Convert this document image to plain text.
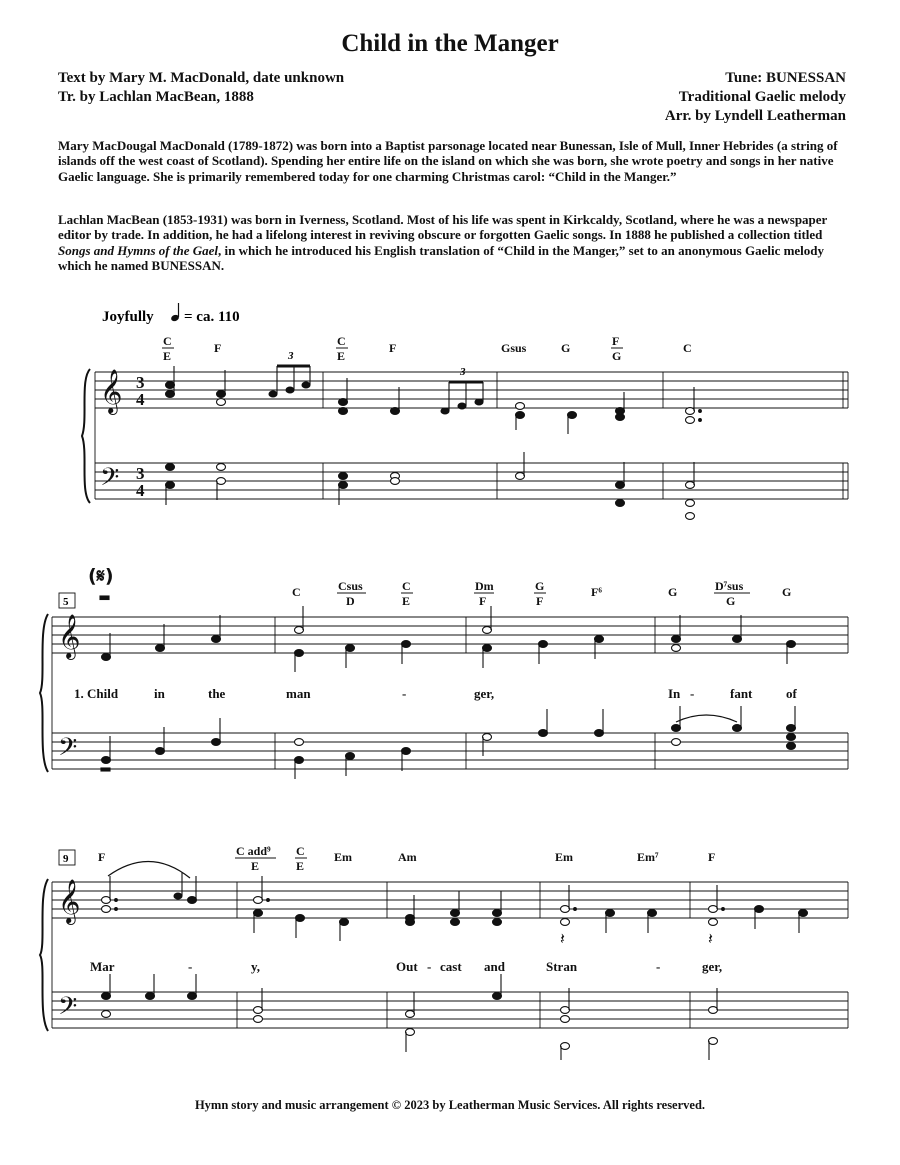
Child in the Manger
Text by Mary M. MacDonald, date unknown
Tr. by Lachlan MacBean, 1888
Tune: BUNESSAN
Traditional Gaelic melody
Arr. by Lyndell Leatherman
Mary MacDougal MacDonald (1789-1872) was born into a Baptist parsonage located near Bunessan, Isle of Mull, Inner Hebrides (a string of islands off the west coast of Scotland). Spending her entire life on the island on which she was born, she wrote poetry and songs in her native Gaelic language. She is primarily remembered today for one charming Christmas carol: “Child in the Manger.”
Lachlan MacBean (1853-1931) was born in Iverness, Scotland. Most of his life was spent in Kirkcaldy, Scotland, where he was a newspaper editor by trade. In addition, he had a lifelong interest in reviving obscure or forgotten Gaelic songs. In 1888 he published a collection titled Songs and Hymns of the Gael, in which he introduced his English translation of “Child in the Manger,” set to an anonymous Gaelic melody which he named BUNESSAN.
𝄞
𝄢
𝄞
𝄢
𝄞
𝄢
3
4
3
4
Joyfully = ca. 110
(𝄋)
5
9
C
E
F	C
E
F	Gsus	G	F
G
C
C	Csus
D
C
E
Dm
F
G
F
F⁶	G	D⁷sus
G
G
F	C add⁹
E
C
E
Em	Am	Em	Em⁷	F
3
3
𝄽	𝄽
1. Child	in	the	man	-	ger,	In -	fant	of
Mar	-	y,	Out - cast and	Stran	-	ger,
Hymn story and music arrangement © 2023 by Leatherman Music Services. All rights reserved.
